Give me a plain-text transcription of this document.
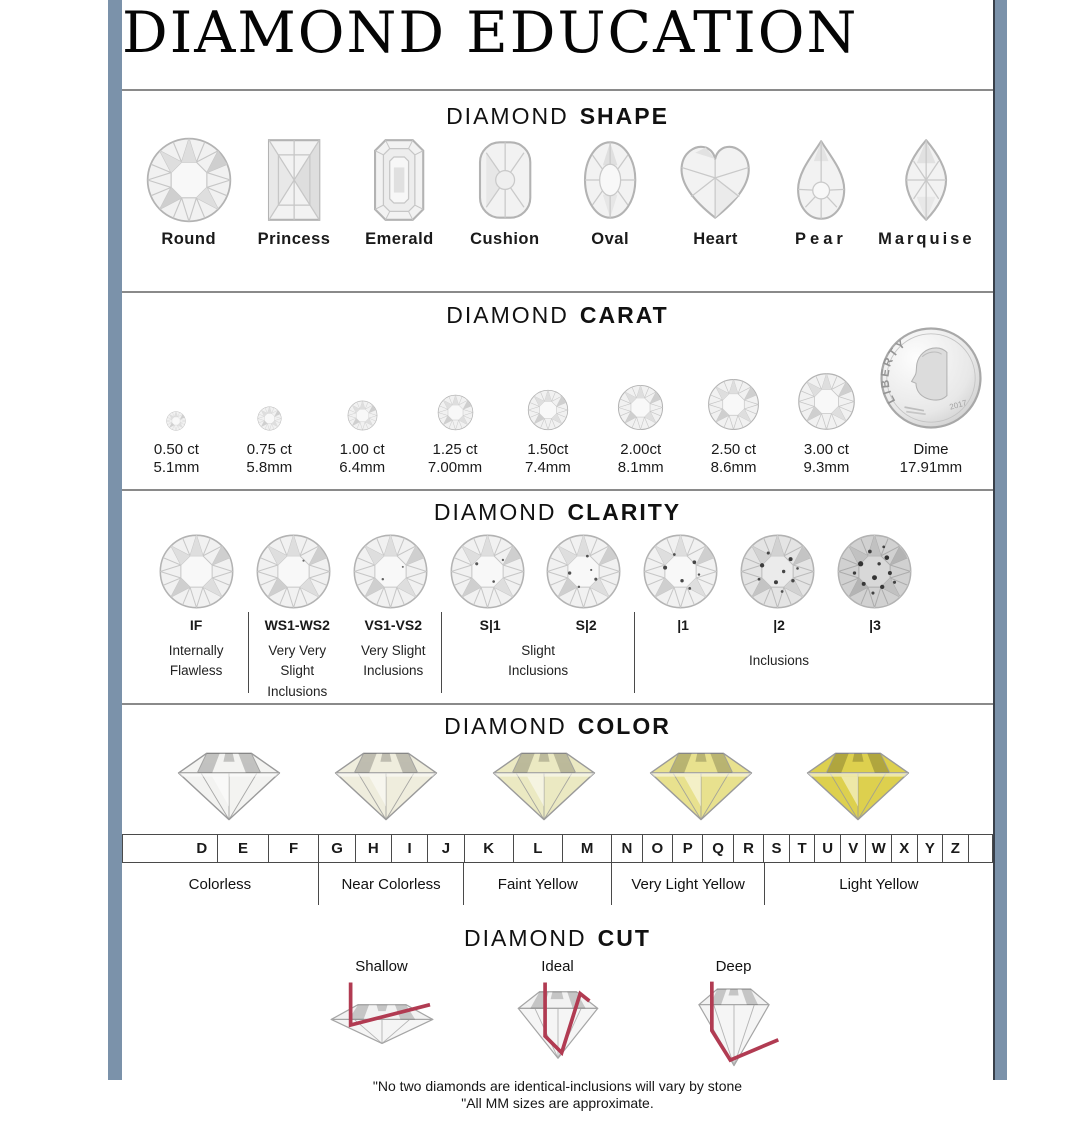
DIAMOND EDUCATION
DIAMOND SHAPE
Round	Princess Emerald Cushion	Oval	Heart	Pear Marquise
DIAMOND CARAT
0.50 ct
5.1mm
0.75 ct
5.8mm
1.00 ct
6.4mm
1.25 ct
7.00mm
1.50ct
7.4mm
2.00ct
8.1mm
2.50 ct
8.6mm
3.00 ct
9.3mm
LIBERTY
2017
Dime
17.91mm
DIAMOND CLARITY
IF
Internally
Flawless
WS1-WS2
Very Very
Slight Inclusions
VS1-VS2
Very Slight
Inclusions
S|1	S|2
Slight
Inclusions
|1	|2	|3
Inclusions
DIAMOND COLOR
D	E	F	G	H	I	J	K	L	M	N	O	P	Q	R	S	T	U	V W X	Y	Z
Colorless	Near Colorless	Faint Yellow	Very Light Yellow	Light Yellow
DIAMOND CUT
Shallow	Ideal	Deep
"No two diamonds are identical-inclusions will vary by stone
"All MM sizes are approximate.
